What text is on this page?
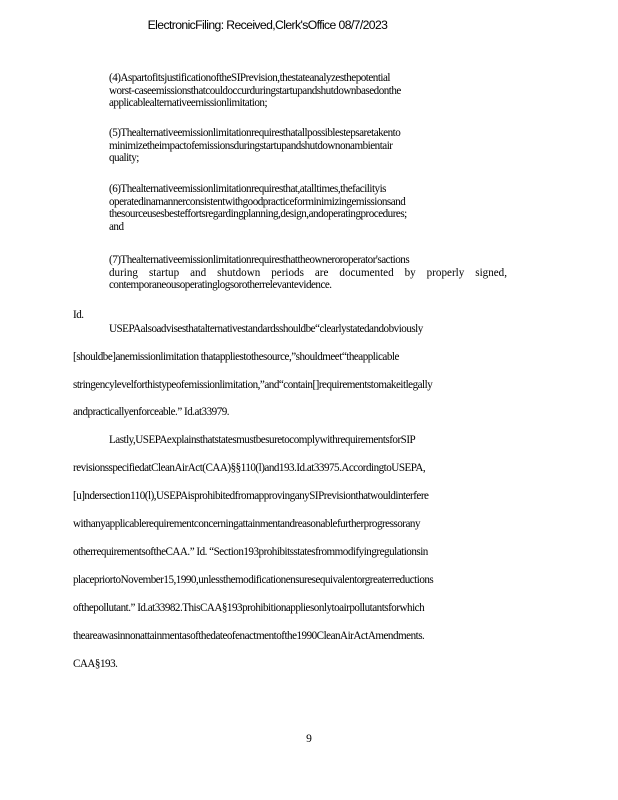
ElectronicFiling: Received,Clerk'sOffice 08/7/2023

(4)AspartofitsjustificationoftheSIPrevision,thestateanalyzesthepotential

worst-caseemissionsthatcouldoccurduringstartupandshutdownbasedonthe

applicablealternativeemissionlimitation;

(5)Thealternativeemissionlimitationrequiresthatallpossiblestepsaretakento

minimizetheimpactofemissionsduringstartupandshutdownonambientair

quality;

(6)Thealternativeemissionlimitationrequiresthat,atalltimes,thefacilityis

operatedinamannerconsistentwithgoodpracticeforminimizingemissionsand

thesourceusesbesteffortsregardingplanning,design,andoperatingprocedures;

and

(7)Thealternativeemissionlimitationrequiresthattheowneroroperator'sactions

during startup and shutdown periods are documented by properly signed,

contemporaneousoperatinglogsorotherrelevantevidence.

Id.
USEPAalsoadvisesthatalternativestandardsshouldbe“clearlystatedandobviously
[shouldbe]anemissionlimitation thatappliestothesource,”shouldmeet“theapplicable
stringencylevelforthistypeofemissionlimitation,”and“contain[]requirementstomakeitlegally
andpracticallyenforceable.” Id.at33979.
Lastly,USEPAexplainsthatstatesmustbesuretocomplywithrequirementsforSIP
revisionsspecifiedatCleanAirAct(CAA)§§110(l)and193.Id.at33975.AccordingtoUSEPA,
[u]ndersection110(l),USEPAisprohibitedfromapprovinganySIPrevisionthatwouldinterfere
withanyapplicablerequirementconcerningattainmentandreasonablefurtherprogressorany
otherrequirementsoftheCAA.” Id. “Section193prohibitsstatesfrommodifyingregulationsin
placepriortoNovember15,1990,unlessthemodificationensuresequivalentorgreaterreductions
ofthepollutant.” Id.at33982.ThisCAA§193prohibitionappliesonlytoairpollutantsforwhich
theareawasinnonattainmentasofthedateofenactmentofthe1990CleanAirActAmendments.
CAA§193.
9
